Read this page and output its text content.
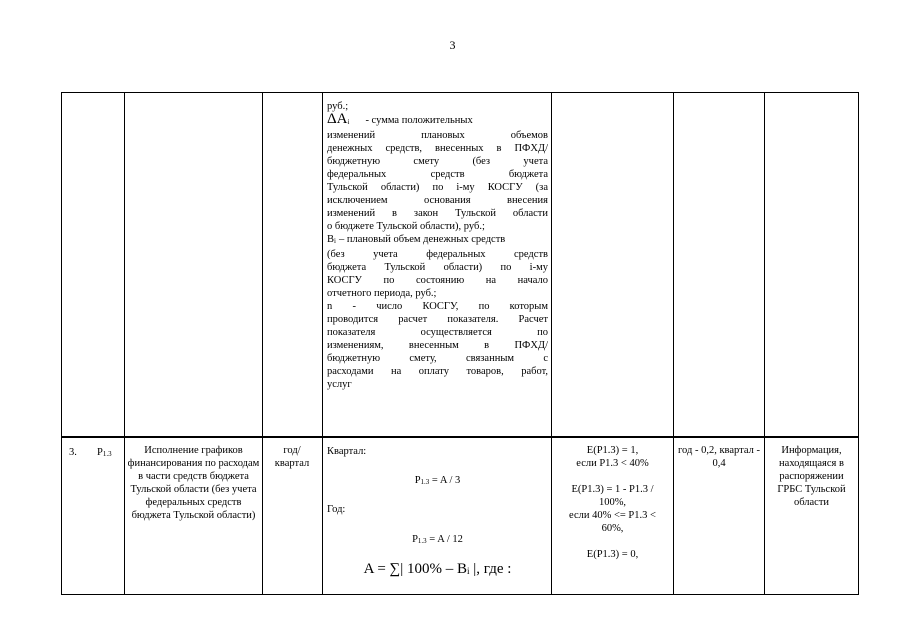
3

руб.;

$\Delta A_i$ - сумма положительных

изменений плановых объемов

денежных средств, внесенных в ПФХД/

бюджетную смету (без учета

федеральных средств бюджета

Тульской области) по i-му КОСГУ (за

исключением основания внесения

изменений в закон Тульской области

о бюджете Тульской области), руб.;

$B_i$ – плановый объем денежных средств

(без учета федеральных средств

бюджета Тульской области) по i-му

КОСГУ по состоянию на начало

отчетного периода, руб.;

n - число КОСГУ, по которым

проводится расчет показателя. Расчет

показателя осуществляется по

изменениям, внесенным в ПФХД/

бюджетную смету, связанным с

расходами на оплату товаров, работ,

услуг

3. $P_{1.3}$	Исполнение графиков финансирования по расходам в части средств бюджета Тульской области (без учета федеральных средств бюджета Тульской области)
год/ квартал
Квартал:
$P_{1.3} = A / 3$
Год:
$P_{1.3} = A / 12$
A = ∑| $100\% - B_i$ |, где :
E(P1.3) = 1,
если P1.3 < 40%
E(P1.3) = 1 - P1.3 /
100%,
если 40% <= P1.3 <
60%,
E(P1.3) = 0,
год - 0,2, квартал - 0,4
Информация, находящаяся в распоряжении ГРБС Тульской области
